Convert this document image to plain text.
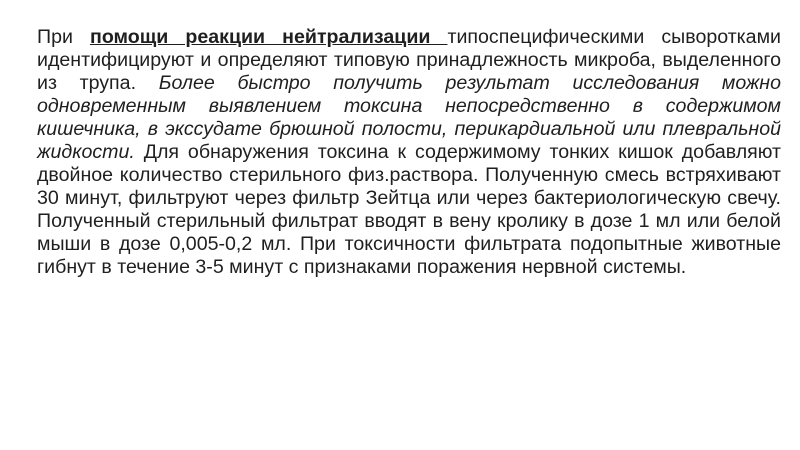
При помощи реакции нейтрализации типоспецифическими сыворотками идентифицируют и определяют типовую принадлежность микроба, выделенного из трупа. Более быстро получить результат исследования можно одновременным выявлением токсина непосредственно в содержимом кишечника, в экссудате брюшной полости, перикардиальной или плевральной жидкости. Для обнаружения токсина к содержимому тонких кишок добавляют двойное количество стерильного физ.раствора. Полученную смесь встряхивают 30 минут, фильтруют через фильтр Зейтца или через бактериологическую свечу. Полученный стерильный фильтрат вводят в вену кролику в дозе 1 мл или белой мыши в дозе 0,005-0,2 мл. При токсичности фильтрата подопытные животные гибнут в течение 3-5 минут с признаками поражения нервной системы.
